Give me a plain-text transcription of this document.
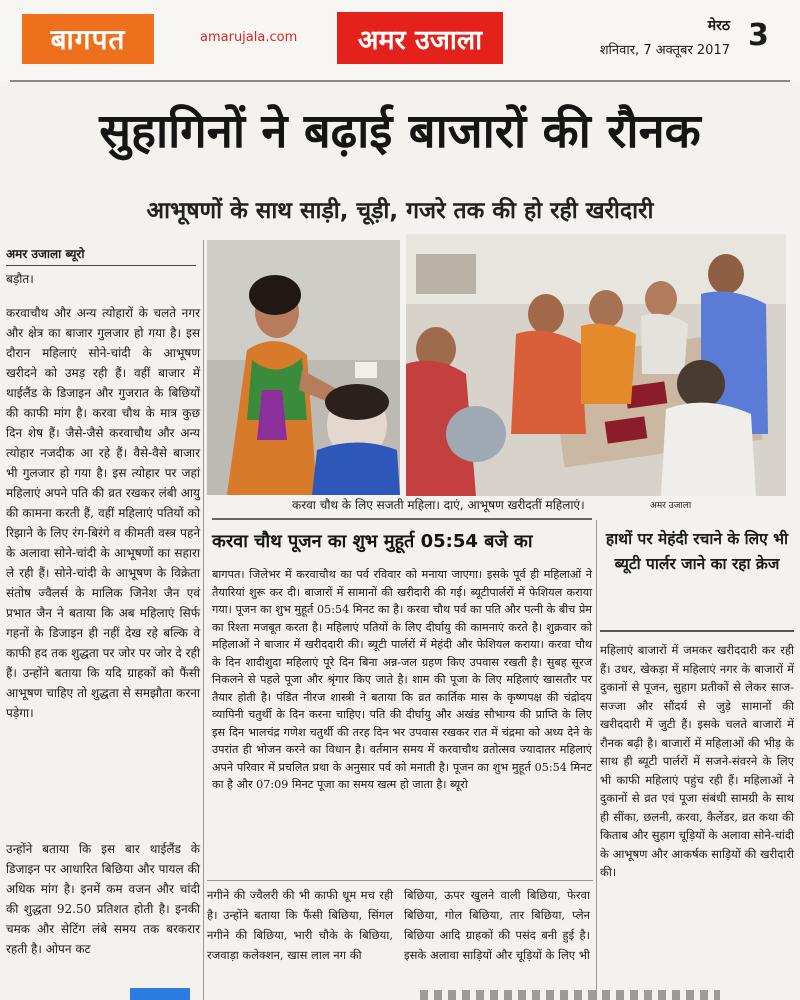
बागपत	amarujala.com	अमर उजाला	मेरठ
शनिवार, 7 अक्तूबर 2017 3
सुहागिनों ने बढ़ाई बाजारों की रौनक
आभूषणों के साथ साड़ी, चूड़ी, गजरे तक की हो रही खरीदारी
अमर उजाला ब्यूरो
बड़ौत।

करवाचौथ और अन्य त्योहारों के चलते नगर और क्षेत्र का बाजार गुलजार हो गया है। इस दौरान महिलाएं सोने-चांदी के आभूषण खरीदने को उमड़ रही हैं। वहीं बाजार में थाईलैंड के डिजाइन और गुजरात के बिछियों की काफी मांग है। करवा चौथ के मात्र कुछ दिन शेष हैं। जैसे-जैसे करवाचौथ और अन्य त्योहार नजदीक आ रहे हैं। वैसे-वैसे बाजार भी गुलजार हो गया है। इस त्योहार पर जहां महिलाएं अपने पति की व्रत रखकर लंबी आयु की कामना करती हैं, वहीं महिलाएं पतियों को रिझाने के लिए रंग-बिरंगे व कीमती वस्त्र पहने के अलावा सोने-चांदी के आभूषणों का सहारा ले रही हैं। सोने-चांदी के आभूषण के विक्रेता संतोष ज्वैलर्स के मालिक जिनेश जैन एवं प्रभात जैन ने बताया कि अब महिलाएं सिर्फ गहनों के डिजाइन ही नहीं देख रहे बल्कि वे काफी हद तक शुद्धता पर जोर पर जोर दे रही हैं। उन्होंने बताया कि यदि ग्राहकों को फैंसी आभूषण चाहिए तो शुद्धता से समझौता करना पड़ेगा।

उन्होंने बताया कि इस बार थाईलैंड के डिजाइन पर आधारित बिछिया और पायल की अधिक मांग है। इनमें कम वजन और चांदी की शुद्धता 92.50 प्रतिशत होती है। इनकी चमक और सेटिंग लंबे समय तक बरकरार रहती है। ओपन कट
करवा चौथ के लिए सजती महिला। दाएं, आभूषण खरीदतीं महिलाएं।	अमर उजाला
करवा चौथ पूजन का शुभ मुहूर्त 05:54 बजे का
बागपत। जिलेभर में करवाचौथ का पर्व रविवार को मनाया जाएगा। इसके पूर्व ही महिलाओं ने तैयारियां शुरू कर दी। बाजारों में सामानों की खरीदारी की गई। ब्यूटीपार्लरों में फेशियल कराया गया। पूजन का शुभ मुहूर्त 05:54 मिनट का है। करवा चौथ पर्व का पति और पत्नी के बीच प्रेम का रिश्ता मजबूत करता है। महिलाएं पतियों के लिए दीर्घायु की कामनाएं करते है। शुक्रवार को महिलाओं ने बाजार में खरीददारी की। ब्यूटी पार्लरों में मेहंदी और फेशियल कराया। करवा चौथ के दिन शादीशुदा महिलाएं पूरे दिन बिना अन्न-जल ग्रहण किए उपवास रखती है। सुबह सूरज निकलने से पहले पूजा और श्रृंगार किए जाते है। शाम की पूजा के लिए महिलाएं खासतौर पर तैयार होती है। पंडित नीरज शास्त्री ने बताया कि व्रत कार्तिक मास के कृष्णपक्ष की चंद्रोदय व्यापिनी चतुर्थी के दिन करना चाहिए। पति की दीर्घायु और अखंड सौभाग्य की प्राप्ति के लिए इस दिन भालचंद्र गणेश चतुर्थी की तरह दिन भर उपवास रखकर रात में चंद्रमा को अध्य देने के उपरांत ही भोजन करने का विधान है। वर्तमान समय में करवाचौथ व्रतोत्सव ज्यादातर महिलाएं अपने परिवार में प्रचलित प्रथा के अनुसार पर्व को मनाती है। पूजन का शुभ मुहूर्त 05:54 मिनट का है और 07:09 मिनट पूजा का समय खत्म हो जाता है। ब्यूरो
हाथों पर मेहंदी रचाने के लिए भी ब्यूटी पार्लर जाने का रहा क्रेज
महिलाएं बाजारों में जमकर खरीददारी कर रही हैं। उधर, खेकड़ा में महिलाएं नगर के बाजारों में दुकानों से पूजन, सुहाग प्रतीकों से लेकर साज-सज्जा और सौंदर्य से जुड़े सामानों की खरीददारी में जुटी हैं। इसके चलते बाजारों में रौनक बढ़ी है। बाजारों में महिलाओं की भीड़ के साथ ही ब्यूटी पार्लरों में सजने-संवरने के लिए भी काफी महिलाएं पहुंच रही हैं। महिलाओं ने दुकानों से व्रत एवं पूजा संबंधी सामग्री के साथ ही सींका, छलनी, करवा, कैलेंडर, व्रत कथा की किताब और सुहाग चूड़ियों के अलावा सोने-चांदी के आभूषण और आकर्षक साड़ियों की खरीदारी की।
नगीने की ज्वैलरी की भी काफी धूम मच रही है। उन्होंने बताया कि फैंसी बिछिया, सिंगल नगीने की बिछिया, भारी चौके के बिछिया, रजवाड़ा कलेक्शन, खास लाल नग की
बिछिया, ऊपर खुलने वाली बिछिया, फेरवा बिछिया, गोल बिछिया, तार बिछिया, प्लेन बिछिया आदि ग्राहकों की पसंद बनी हुई है। इसके अलावा साड़ियों और चूड़ियों के लिए भी
